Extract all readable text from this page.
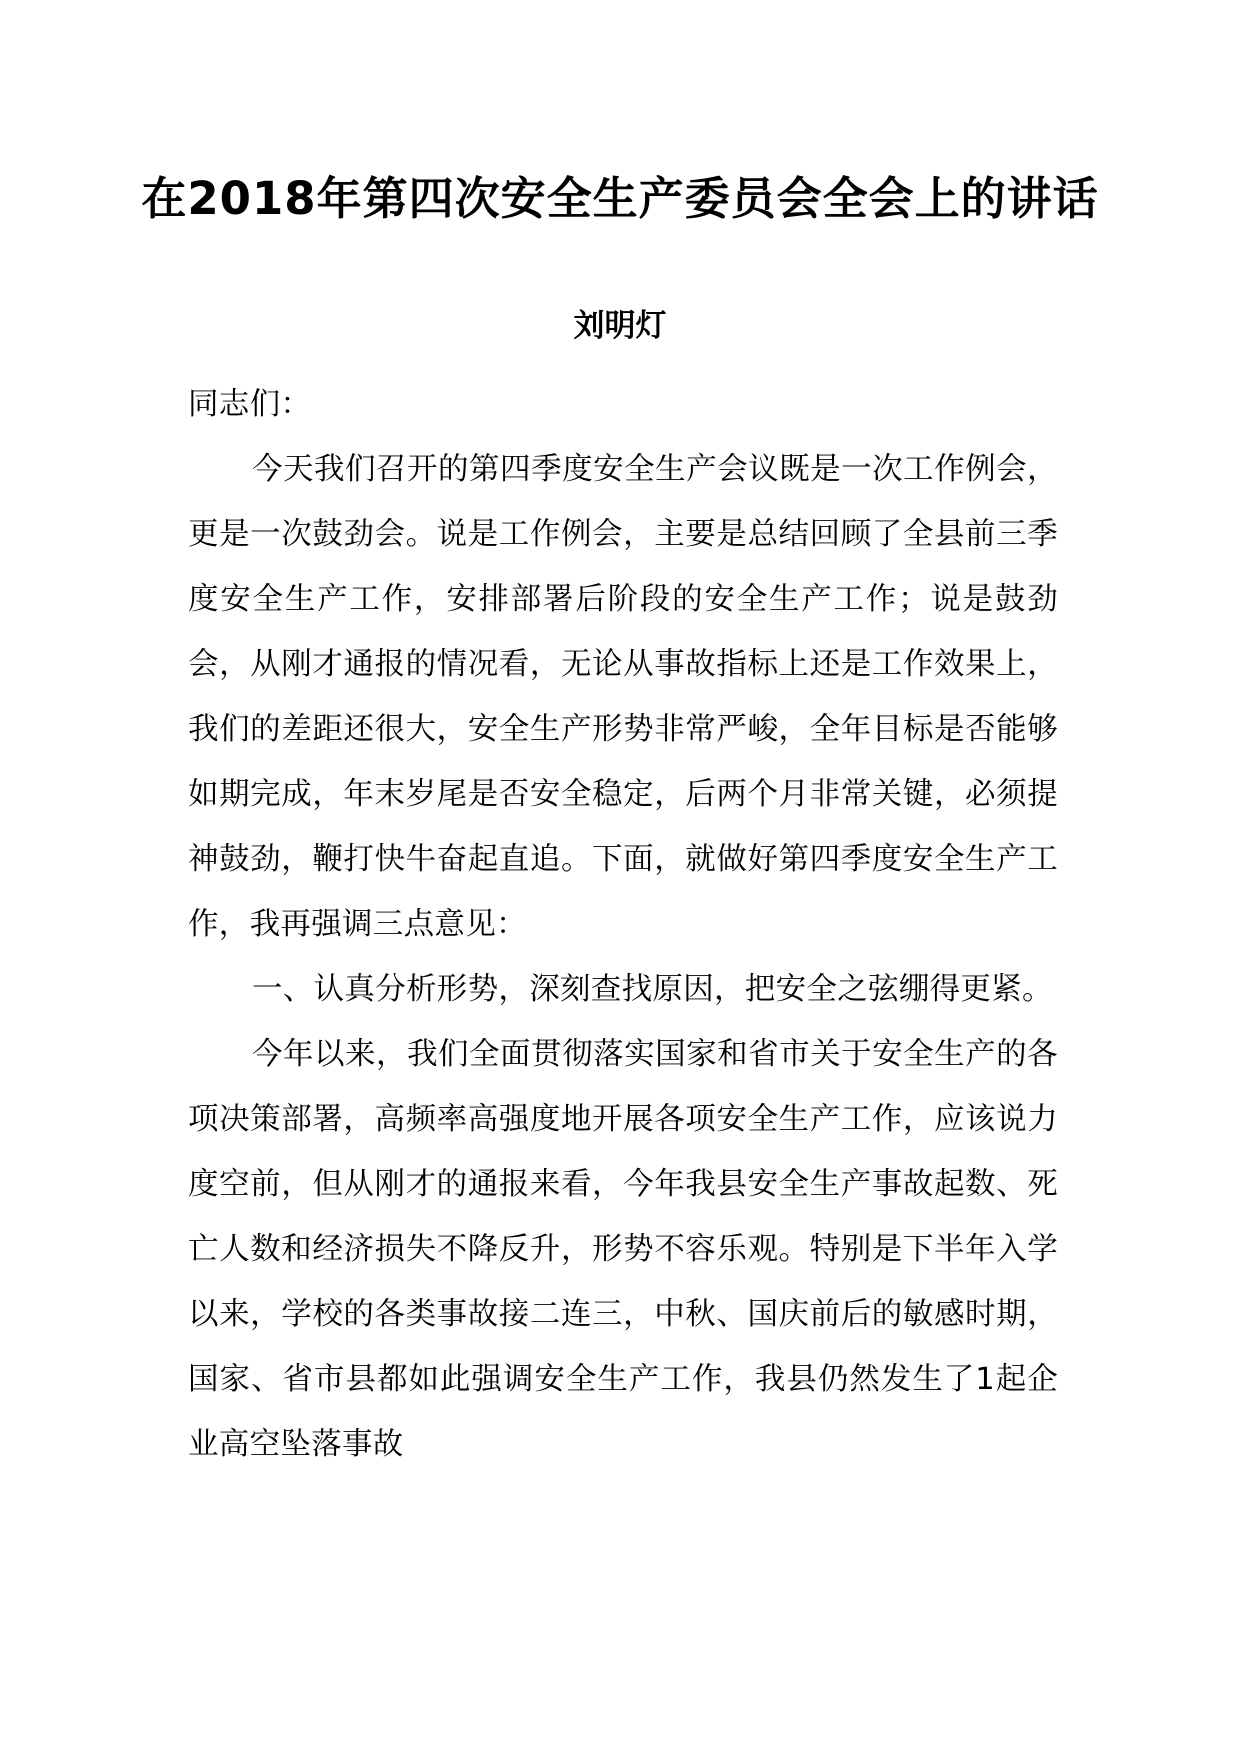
在2018年第四次安全生产委员会全会上的讲话
刘明灯

同志们：

今天我们召开的第四季度安全生产会议既是一次工作例会，更是一次鼓劲会。说是工作例会，主要是总结回顾了全县前三季度安全生产工作，安排部署后阶段的安全生产工作；说是鼓劲会，从刚才通报的情况看，无论从事故指标上还是工作效果上，我们的差距还很大，安全生产形势非常严峻，全年目标是否能够如期完成，年末岁尾是否安全稳定，后两个月非常关键，必须提神鼓劲，鞭打快牛奋起直追。下面，就做好第四季度安全生产工作，我再强调三点意见：

一、认真分析形势，深刻查找原因，把安全之弦绷得更紧。

今年以来，我们全面贯彻落实国家和省市关于安全生产的各项决策部署，高频率高强度地开展各项安全生产工作，应该说力度空前，但从刚才的通报来看，今年我县安全生产事故起数、死亡人数和经济损失不降反升，形势不容乐观。特别是下半年入学以来，学校的各类事故接二连三，中秋、国庆前后的敏感时期，国家、省市县都如此强调安全生产工作，我县仍然发生了1起企业高空坠落事故
